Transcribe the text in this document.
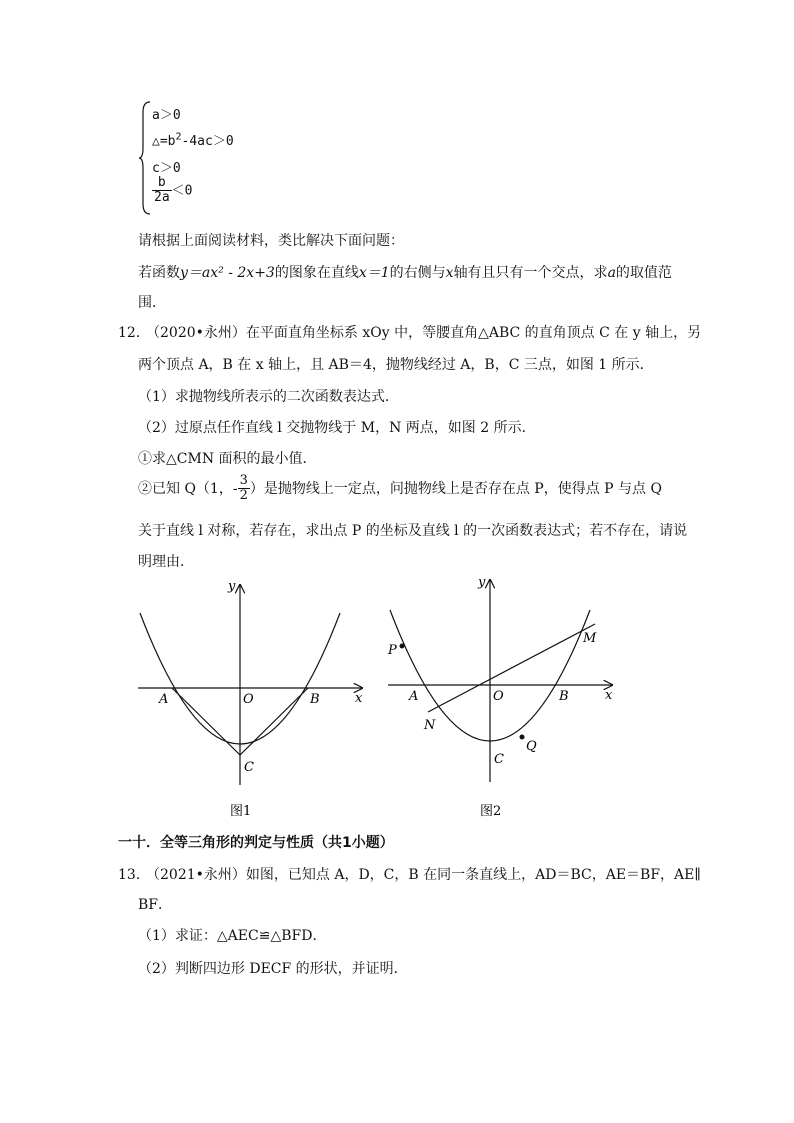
a＞0
$\triangle=b^2-4ac>0$
c＞0
$\frac{b}{2a} <0$
请根据上面阅读材料，类比解决下面问题：
若函数y＝ax² - 2x+3的图象在直线x＝1的右侧与x轴有且只有一个交点，求a的取值范
围．
12．
（2020•永州）在平面直角坐标系 xOy 中，等腰直角△ABC 的直角顶点 C 在 y 轴上，另
两个顶点 A，B 在 x 轴上，且 AB＝4，抛物线经过 A，B，C 三点，如图 1 所示．
（1）求抛物线所表示的二次函数表达式．
（2）过原点任作直线 l 交抛物线于 M，N 两点，如图 2 所示．
①求△CMN 面积的最小值．
②已知 Q（1，- $\frac{3}{2}$ ）是抛物线上一定点，问抛物线上是否存在点 P，使得点 P 与点 Q
关于直线 l 对称，若存在，求出点 P 的坐标及直线 l 的一次函数表达式；若不存在，请说
明理由．
y
x
O
A	B
C
图1
y
x
O
A	B
C
M
N
P
Q
图2
一十．全等三角形的判定与性质（共1小题）
13．
（2021•永州）如图，已知点 A，D，C，B 在同一条直线上，AD＝BC，AE＝BF，AE∥
BF．
（1）求证：△AEC≌△BFD．
（2）判断四边形 DECF 的形状，并证明．
